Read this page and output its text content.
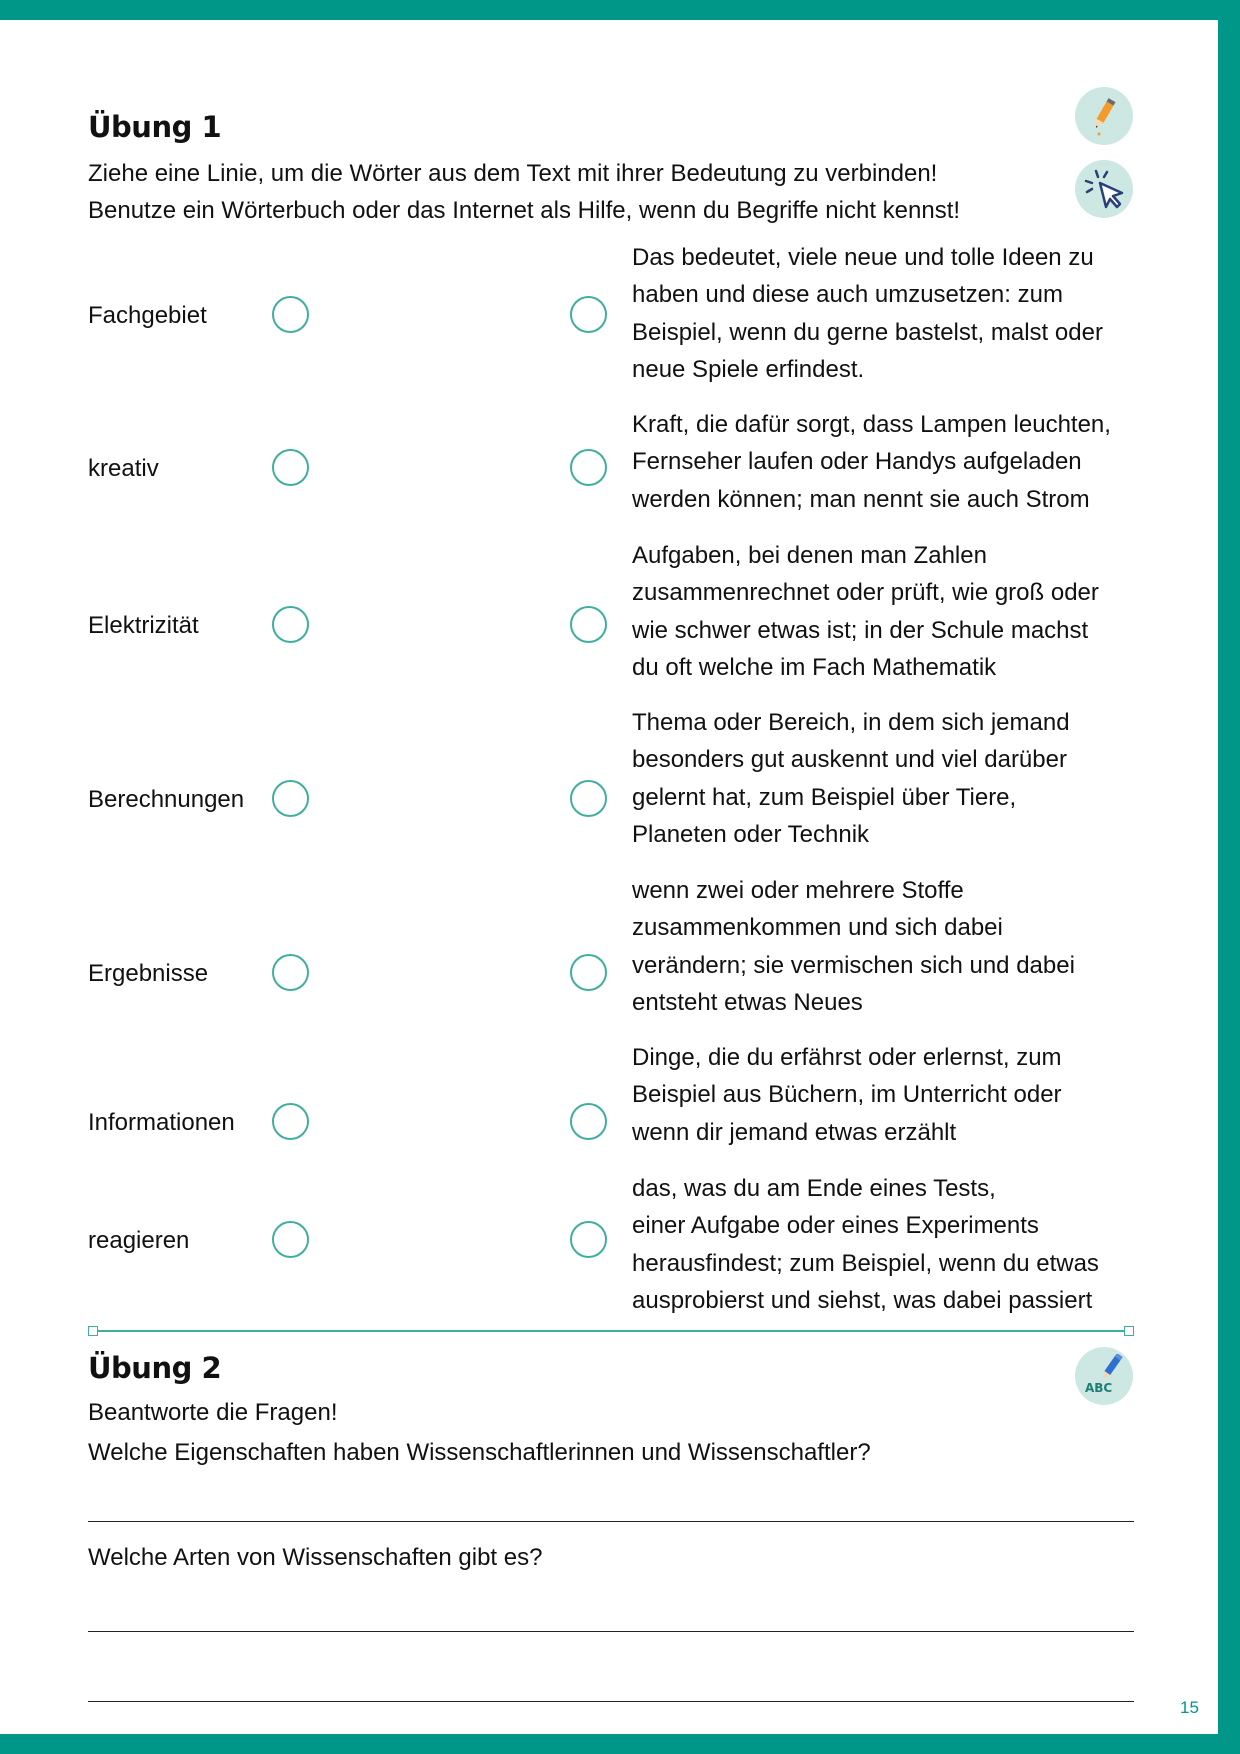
Übung 1
Ziehe eine Linie, um die Wörter aus dem Text mit ihrer Bedeutung zu verbinden!
Benutze ein Wörterbuch oder das Internet als Hilfe, wenn du Begriffe nicht kennst!
Fachgebiet
kreativ
Elektrizität
Berechnungen
Ergebnisse
Informationen
reagieren
Das bedeutet, viele neue und tolle Ideen zu
haben und diese auch umzusetzen: zum
Beispiel, wenn du gerne bastelst, malst oder
neue Spiele erfindest.
Kraft, die dafür sorgt, dass Lampen leuchten,
Fernseher laufen oder Handys aufgeladen
werden können; man nennt sie auch Strom
Aufgaben, bei denen man Zahlen
zusammenrechnet oder prüft, wie groß oder
wie schwer etwas ist; in der Schule machst
du oft welche im Fach Mathematik
Thema oder Bereich, in dem sich jemand
besonders gut auskennt und viel darüber
gelernt hat, zum Beispiel über Tiere,
Planeten oder Technik
wenn zwei oder mehrere Stoffe
zusammenkommen und sich dabei
verändern; sie vermischen sich und dabei
entsteht etwas Neues
Dinge, die du erfährst oder erlernst, zum
Beispiel aus Büchern, im Unterricht oder
wenn dir jemand etwas erzählt
das, was du am Ende eines Tests,
einer Aufgabe oder eines Experiments
herausfindest; zum Beispiel, wenn du etwas
ausprobierst und siehst, was dabei passiert
Übung 2
Beantworte die Fragen!
Welche Eigenschaften haben Wissenschaftlerinnen und Wissenschaftler?
ABC
Welche Arten von Wissenschaften gibt es?
15
